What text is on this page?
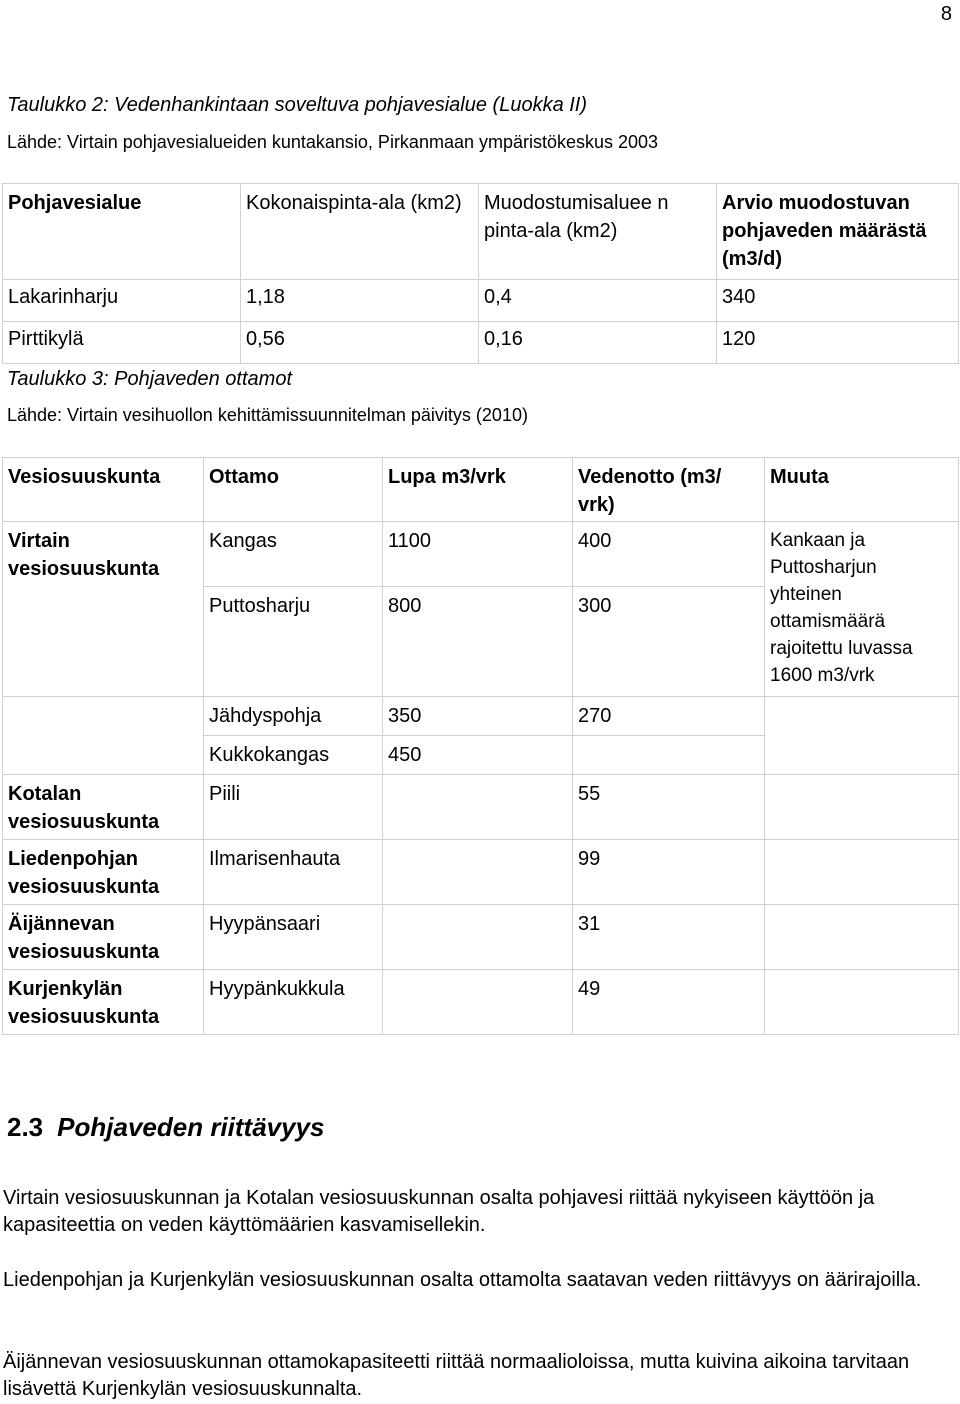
8
Taulukko 2: Vedenhankintaan soveltuva pohjavesialue (Luokka II)
Lähde: Virtain pohjavesialueiden kuntakansio, Pirkanmaan ympäristökeskus 2003
Pohjavesialue	Kokonaispinta-ala (km2)	Muodostumisaluee n pinta-ala (km2)	Arvio muodostuvan pohjaveden määrästä (m3/d)
Lakarinharju	1,18	0,4	340
Pirttikylä	0,56	0,16	120
Taulukko 3: Pohjaveden ottamot
Lähde: Virtain vesihuollon kehittämissuunnitelman päivitys (2010)
Vesiosuuskunta	Ottamo	Lupa m3/vrk	Vedenotto (m3/ vrk)	Muuta
Virtain vesiosuuskunta	Kangas	1100	400	Kankaan ja Puttosharjun yhteinen ottamismäärä rajoitettu luvassa 1600 m3/vrk
	Puttosharju	800	300	
	Jähdyspohja	350	270	
	Kukkokangas	450		
Kotalan vesiosuuskunta	Piili		55	
Liedenpohjan vesiosuuskunta	Ilmarisenhauta		99	
Äijännevan vesiosuuskunta	Hyypänsaari		31	
Kurjenkylän vesiosuuskunta	Hyypänkukkula		49	
2.3 Pohjaveden riittävyys
Virtain vesiosuuskunnan ja Kotalan vesiosuuskunnan osalta pohjavesi riittää nykyiseen käyttöön ja kapasiteettia on veden käyttömäärien kasvamisellekin.
Liedenpohjan ja Kurjenkylän vesiosuuskunnan osalta ottamolta saatavan veden riittävyys on äärirajoilla.
Äijännevan vesiosuuskunnan ottamokapasiteetti riittää normaalioloissa, mutta kuivina aikoina tarvitaan lisävettä Kurjenkylän vesiosuuskunnalta.
